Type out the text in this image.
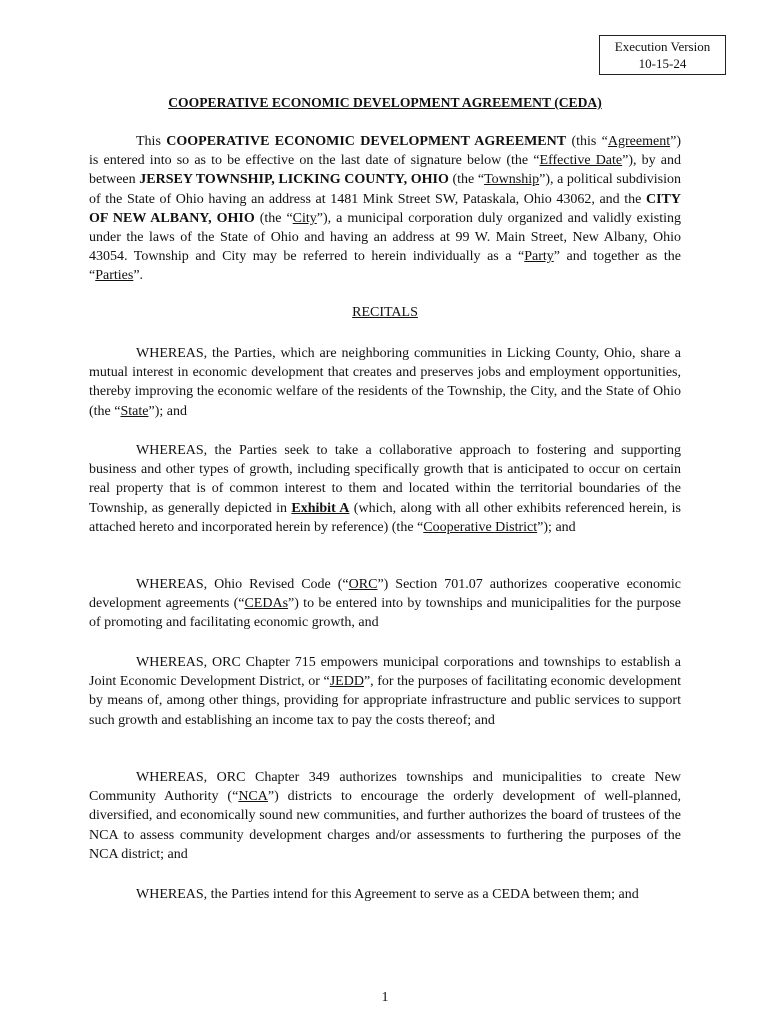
Execution Version
10-15-24
COOPERATIVE ECONOMIC DEVELOPMENT AGREEMENT (CEDA)

This COOPERATIVE ECONOMIC DEVELOPMENT AGREEMENT (this “Agreement”) is entered into so as to be effective on the last date of signature below (the “Effective Date”), by and between JERSEY TOWNSHIP, LICKING COUNTY, OHIO (the “Township”), a political subdivision of the State of Ohio having an address at 1481 Mink Street SW, Pataskala, Ohio 43062, and the CITY OF NEW ALBANY, OHIO (the “City”), a municipal corporation duly organized and validly existing under the laws of the State of Ohio and having an address at 99 W. Main Street, New Albany, Ohio 43054. Township and City may be referred to herein individually as a “Party” and together as the “Parties”.

RECITALS

WHEREAS, the Parties, which are neighboring communities in Licking County, Ohio, share a mutual interest in economic development that creates and preserves jobs and employment opportunities, thereby improving the economic welfare of the residents of the Township, the City, and the State of Ohio (the “State”); and

WHEREAS, the Parties seek to take a collaborative approach to fostering and supporting business and other types of growth, including specifically growth that is anticipated to occur on certain real property that is of common interest to them and located within the territorial boundaries of the Township, as generally depicted in Exhibit A (which, along with all other exhibits referenced herein, is attached hereto and incorporated herein by reference) (the “Cooperative District”); and

WHEREAS, Ohio Revised Code (“ORC”) Section 701.07 authorizes cooperative economic development agreements (“CEDAs”) to be entered into by townships and municipalities for the purpose of promoting and facilitating economic growth, and

WHEREAS, ORC Chapter 715 empowers municipal corporations and townships to establish a Joint Economic Development District, or “JEDD”, for the purposes of facilitating economic development by means of, among other things, providing for appropriate infrastructure and public services to support such growth and establishing an income tax to pay the costs thereof; and

WHEREAS, ORC Chapter 349 authorizes townships and municipalities to create New Community Authority (“NCA”) districts to encourage the orderly development of well-planned, diversified, and economically sound new communities, and further authorizes the board of trustees of the NCA to assess community development charges and/or assessments to furthering the purposes of the NCA district; and

WHEREAS, the Parties intend for this Agreement to serve as a CEDA between them; and

1
